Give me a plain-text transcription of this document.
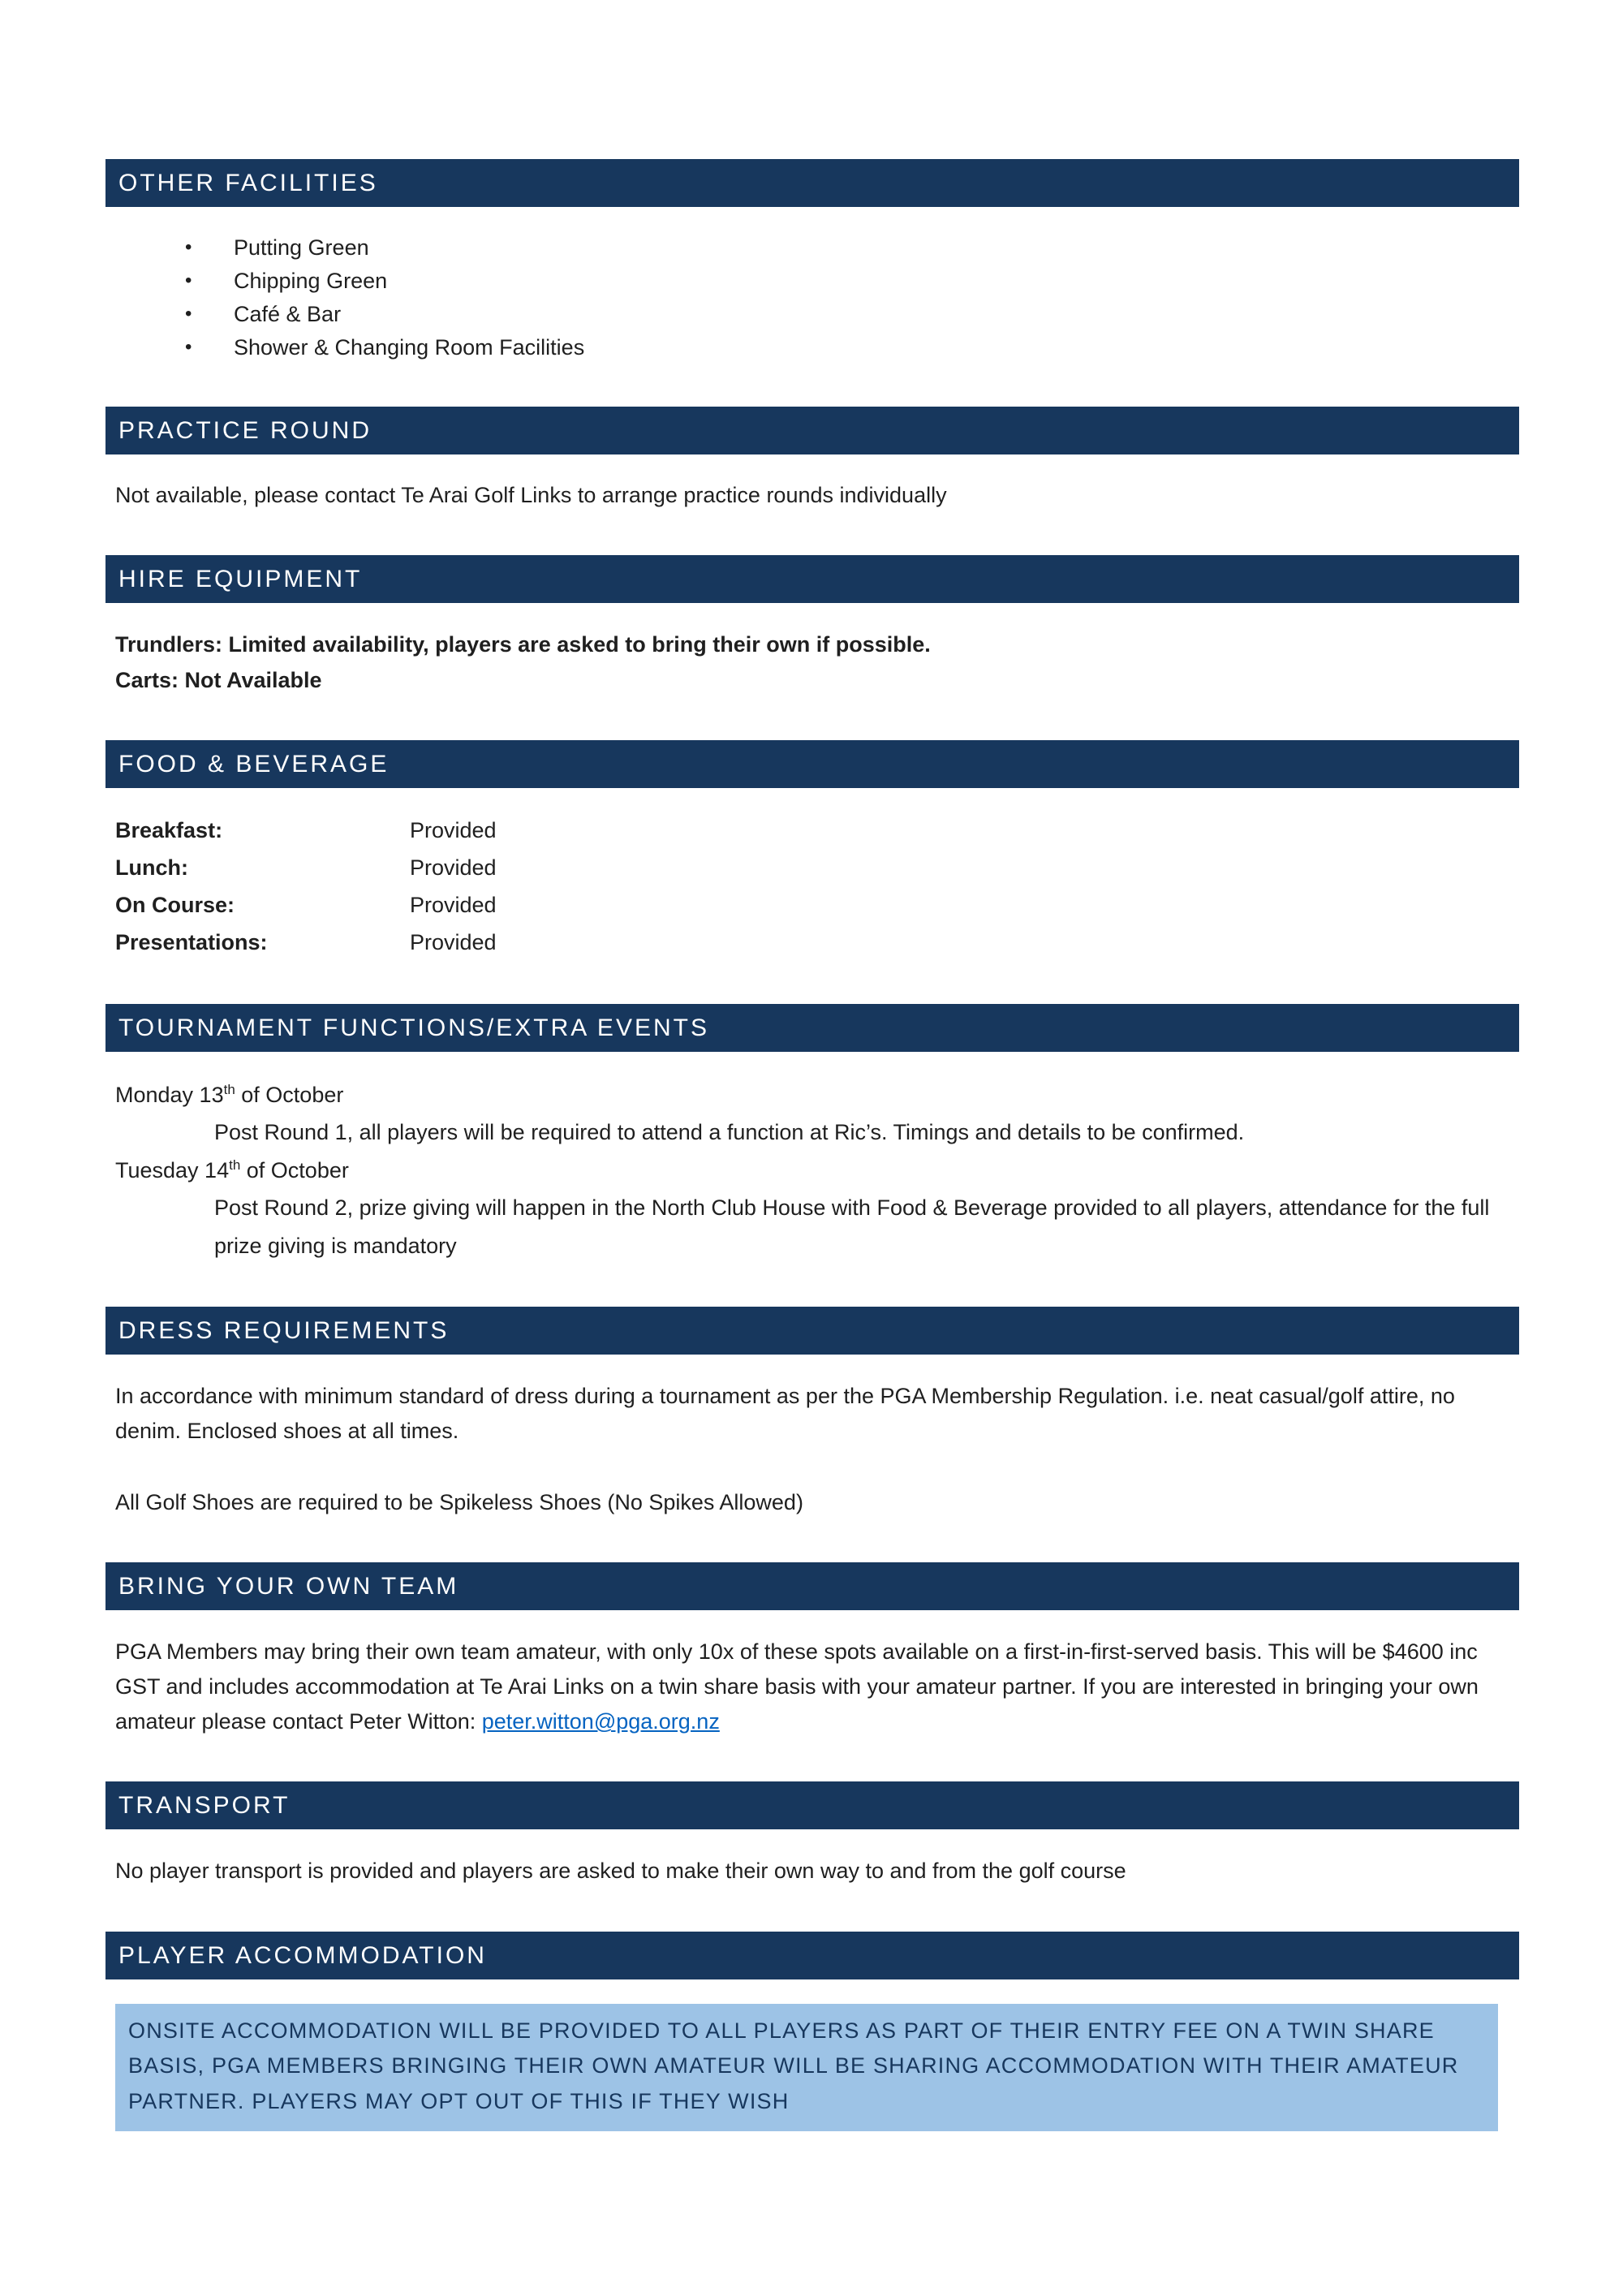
OTHER FACILITIES
•	Putting Green
•	Chipping Green
•	Café & Bar
•	Shower & Changing Room Facilities
PRACTICE ROUND

Not available, please contact Te Arai Golf Links to arrange practice rounds individually

HIRE EQUIPMENT

Trundlers: Limited availability, players are asked to bring their own if possible.

Carts: Not Available

FOOD & BEVERAGE
Breakfast:	Provided
Lunch:	Provided
On Course:	Provided
Presentations:	Provided
TOURNAMENT FUNCTIONS/EXTRA EVENTS

Monday 13th of October

Post Round 1, all players will be required to attend a function at Ric’s. Timings and details to be confirmed.

Tuesday 14th of October

Post Round 2, prize giving will happen in the North Club House with Food & Beverage provided to all players, attendance for the full prize giving is mandatory

DRESS REQUIREMENTS

In accordance with minimum standard of dress during a tournament as per the PGA Membership Regulation. i.e. neat casual/golf attire, no denim. Enclosed shoes at all times.

All Golf Shoes are required to be Spikeless Shoes (No Spikes Allowed)

BRING YOUR OWN TEAM

PGA Members may bring their own team amateur, with only 10x of these spots available on a first-in-first-served basis. This will be $4600 inc GST and includes accommodation at Te Arai Links on a twin share basis with your amateur partner. If you are interested in bringing your own amateur please contact Peter Witton: peter.witton@pga.org.nz

TRANSPORT

No player transport is provided and players are asked to make their own way to and from the golf course

PLAYER ACCOMMODATION
ONSITE ACCOMMODATION WILL BE PROVIDED TO ALL PLAYERS AS PART OF THEIR ENTRY FEE ON A TWIN SHARE BASIS, PGA MEMBERS BRINGING THEIR OWN AMATEUR WILL BE SHARING ACCOMMODATION WITH THEIR AMATEUR PARTNER. PLAYERS MAY OPT OUT OF THIS IF THEY WISH
